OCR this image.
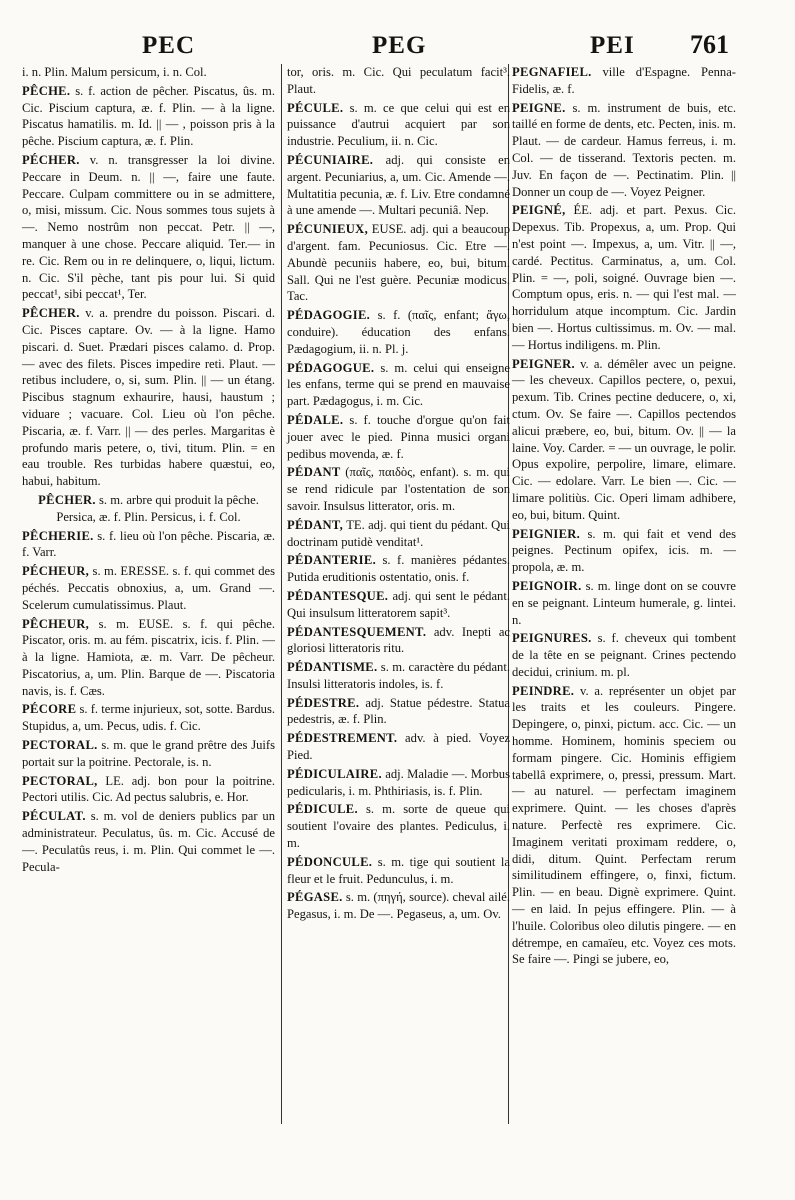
PEC	PEG	PEI 761

i. n. Plin. Malum persicum, i. n. Col.

PÊCHE. s. f. action de pêcher. Piscatus, ûs. m. Cic. Piscium captura, æ. f. Plin. — à la ligne. Piscatus hamatilis. m. Id. || — , poisson pris à la pêche. Piscium captura, æ. f. Plin.

PÉCHER. v. n. transgresser la loi divine. Peccare in Deum. n. || —, faire une faute. Peccare. Culpam committere ou in se admittere, o, misi, missum. Cic. Nous sommes tous sujets à —. Nemo nostrûm non peccat. Petr. || —, manquer à une chose. Peccare aliquid. Ter.— in re. Cic. Rem ou in re delinquere, o, liqui, lictum. n. Cic. S'il pèche, tant pis pour lui. Si quid peccat¹, sibi peccat¹, Ter.

PÊCHER. v. a. prendre du poisson. Piscari. d. Cic. Pisces captare. Ov. — à la ligne. Hamo piscari. d. Suet. Prædari pisces calamo. d. Prop. — avec des filets. Pisces impedire reti. Plaut. — retibus includere, o, si, sum. Plin. || — un étang. Piscibus stagnum exhaurire, hausi, haustum ; viduare ; vacuare. Col. Lieu où l'on pêche. Piscaria, æ. f. Varr. || — des perles. Margaritas è profundo maris petere, o, tivi, titum. Plin. = en eau trouble. Res turbidas habere quæstui, eo, habui, habitum.

PÊCHER. s. m. arbre qui produit la pêche. Persica, æ. f. Plin. Persicus, i. f. Col.

PÊCHERIE. s. f. lieu où l'on pêche. Piscaria, æ. f. Varr.

PÉCHEUR, s. m. ERESSE. s. f. qui commet des péchés. Peccatis obnoxius, a, um. Grand —. Scelerum cumulatissimus. Plaut.

PÊCHEUR, s. m. EUSE. s. f. qui pêche. Piscator, oris. m. au fém. piscatrix, icis. f. Plin. — à la ligne. Hamiota, æ. m. Varr. De pêcheur. Piscatorius, a, um. Plin. Barque de —. Piscatoria navis, is. f. Cæs.

PÉCORE s. f. terme injurieux, sot, sotte. Bardus. Stupidus, a, um. Pecus, udis. f. Cic.

PECTORAL. s. m. que le grand prêtre des Juifs portait sur la poitrine. Pectorale, is. n.

PECTORAL, LE. adj. bon pour la poitrine. Pectori utilis. Cic. Ad pectus salubris, e. Hor.

PÉCULAT. s. m. vol de deniers publics par un administrateur. Peculatus, ûs. m. Cic. Accusé de —. Peculatûs reus, i. m. Plin. Qui commet le —. Pecula-

tor, oris. m. Cic. Qui peculatum facit³. Plaut.

PÉCULE. s. m. ce que celui qui est en puissance d'autrui acquiert par son industrie. Peculium, ii. n. Cic.

PÉCUNIAIRE. adj. qui consiste en argent. Pecuniarius, a, um. Cic. Amende —. Multatitia pecunia, æ. f. Liv. Etre condamné à une amende —. Multari pecuniâ. Nep.

PÉCUNIEUX, EUSE. adj. qui a beaucoup d'argent. fam. Pecuniosus. Cic. Etre —. Abundè pecuniis habere, eo, bui, bitum. Sall. Qui ne l'est guère. Pecuniæ modicus. Tac.

PÉDAGOGIE. s. f. (παῖς, enfant; ἄγω, conduire). éducation des enfans. Pædagogium, ii. n. Pl. j.

PÉDAGOGUE. s. m. celui qui enseigne les enfans, terme qui se prend en mauvaise part. Pædagogus, i. m. Cic.

PÉDALE. s. f. touche d'orgue qu'on fait jouer avec le pied. Pinna musici organi pedibus movenda, æ. f.

PÉDANT (παῖς, παιδὸς, enfant). s. m. qui se rend ridicule par l'ostentation de son savoir. Insulsus litterator, oris. m.

PÉDANT, TE. adj. qui tient du pédant. Qui doctrinam putidè venditat¹.

PÉDANTERIE. s. f. manières pédantes. Putida eruditionis ostentatio, onis. f.

PÉDANTESQUE. adj. qui sent le pédant. Qui insulsum litteratorem sapit³.

PÉDANTESQUEMENT. adv. Inepti ac gloriosi litteratoris ritu.

PÉDANTISME. s. m. caractère du pédant. Insulsi litteratoris indoles, is. f.

PÉDESTRE. adj. Statue pédestre. Statua pedestris, æ. f. Plin.

PÉDESTREMENT. adv. à pied. Voyez Pied.

PÉDICULAIRE. adj. Maladie —. Morbus pedicularis, i. m. Phthiriasis, is. f. Plin.

PÉDICULE. s. m. sorte de queue qui soutient l'ovaire des plantes. Pediculus, i. m.

PÉDONCULE. s. m. tige qui soutient la fleur et le fruit. Pedunculus, i. m.

PÉGASE. s. m. (πηγή, source). cheval ailé. Pegasus, i. m. De —. Pegaseus, a, um. Ov.

PEGNAFIEL. ville d'Espagne. Penna-Fidelis, æ. f.

PEIGNE. s. m. instrument de buis, etc. taillé en forme de dents, etc. Pecten, inis. m. Plaut. — de cardeur. Hamus ferreus, i. m. Col. — de tisserand. Textoris pecten. m. Juv. En façon de —. Pectinatim. Plin. || Donner un coup de —. Voyez Peigner.

PEIGNÉ, ÉE. adj. et part. Pexus. Cic. Depexus. Tib. Propexus, a, um. Prop. Qui n'est point —. Impexus, a, um. Vitr. || —, cardé. Pectitus. Carminatus, a, um. Col. Plin. = —, poli, soigné. Ouvrage bien —. Comptum opus, eris. n. — qui l'est mal. — horridulum atque incomptum. Cic. Jardin bien —. Hortus cultissimus. m. Ov. — mal. — Hortus indiligens. m. Plin.

PEIGNER. v. a. démêler avec un peigne. — les cheveux. Capillos pectere, o, pexui, pexum. Tib. Crines pectine deducere, o, xi, ctum. Ov. Se faire —. Capillos pectendos alicui præbere, eo, bui, bitum. Ov. || — la laine. Voy. Carder. = — un ouvrage, le polir. Opus expolire, perpolire, limare, elimare. Cic. — edolare. Varr. Le bien —. Cic. — limare politiùs. Cic. Operi limam adhibere, eo, bui, bitum. Quint.

PEIGNIER. s. m. qui fait et vend des peignes. Pectinum opifex, icis. m. — propola, æ. m.

PEIGNOIR. s. m. linge dont on se couvre en se peignant. Linteum humerale, g. lintei. n.

PEIGNURES. s. f. cheveux qui tombent de la tête en se peignant. Crines pectendo decidui, crinium. m. pl.

PEINDRE. v. a. représenter un objet par les traits et les couleurs. Pingere. Depingere, o, pinxi, pictum. acc. Cic. — un homme. Hominem, hominis speciem ou formam pingere. Cic. Hominis effigiem tabellâ exprimere, o, pressi, pressum. Mart. — au naturel. — perfectam imaginem exprimere. Quint. — les choses d'après nature. Perfectè res exprimere. Cic. Imaginem veritati proximam reddere, o, didi, ditum. Quint. Perfectam rerum similitudinem effingere, o, finxi, fictum. Plin. — en beau. Dignè exprimere. Quint. — en laid. In pejus effingere. Plin. — à l'huile. Coloribus oleo dilutis pingere. — en détrempe, en camaïeu, etc. Voyez ces mots. Se faire —. Pingi se jubere, eo,
